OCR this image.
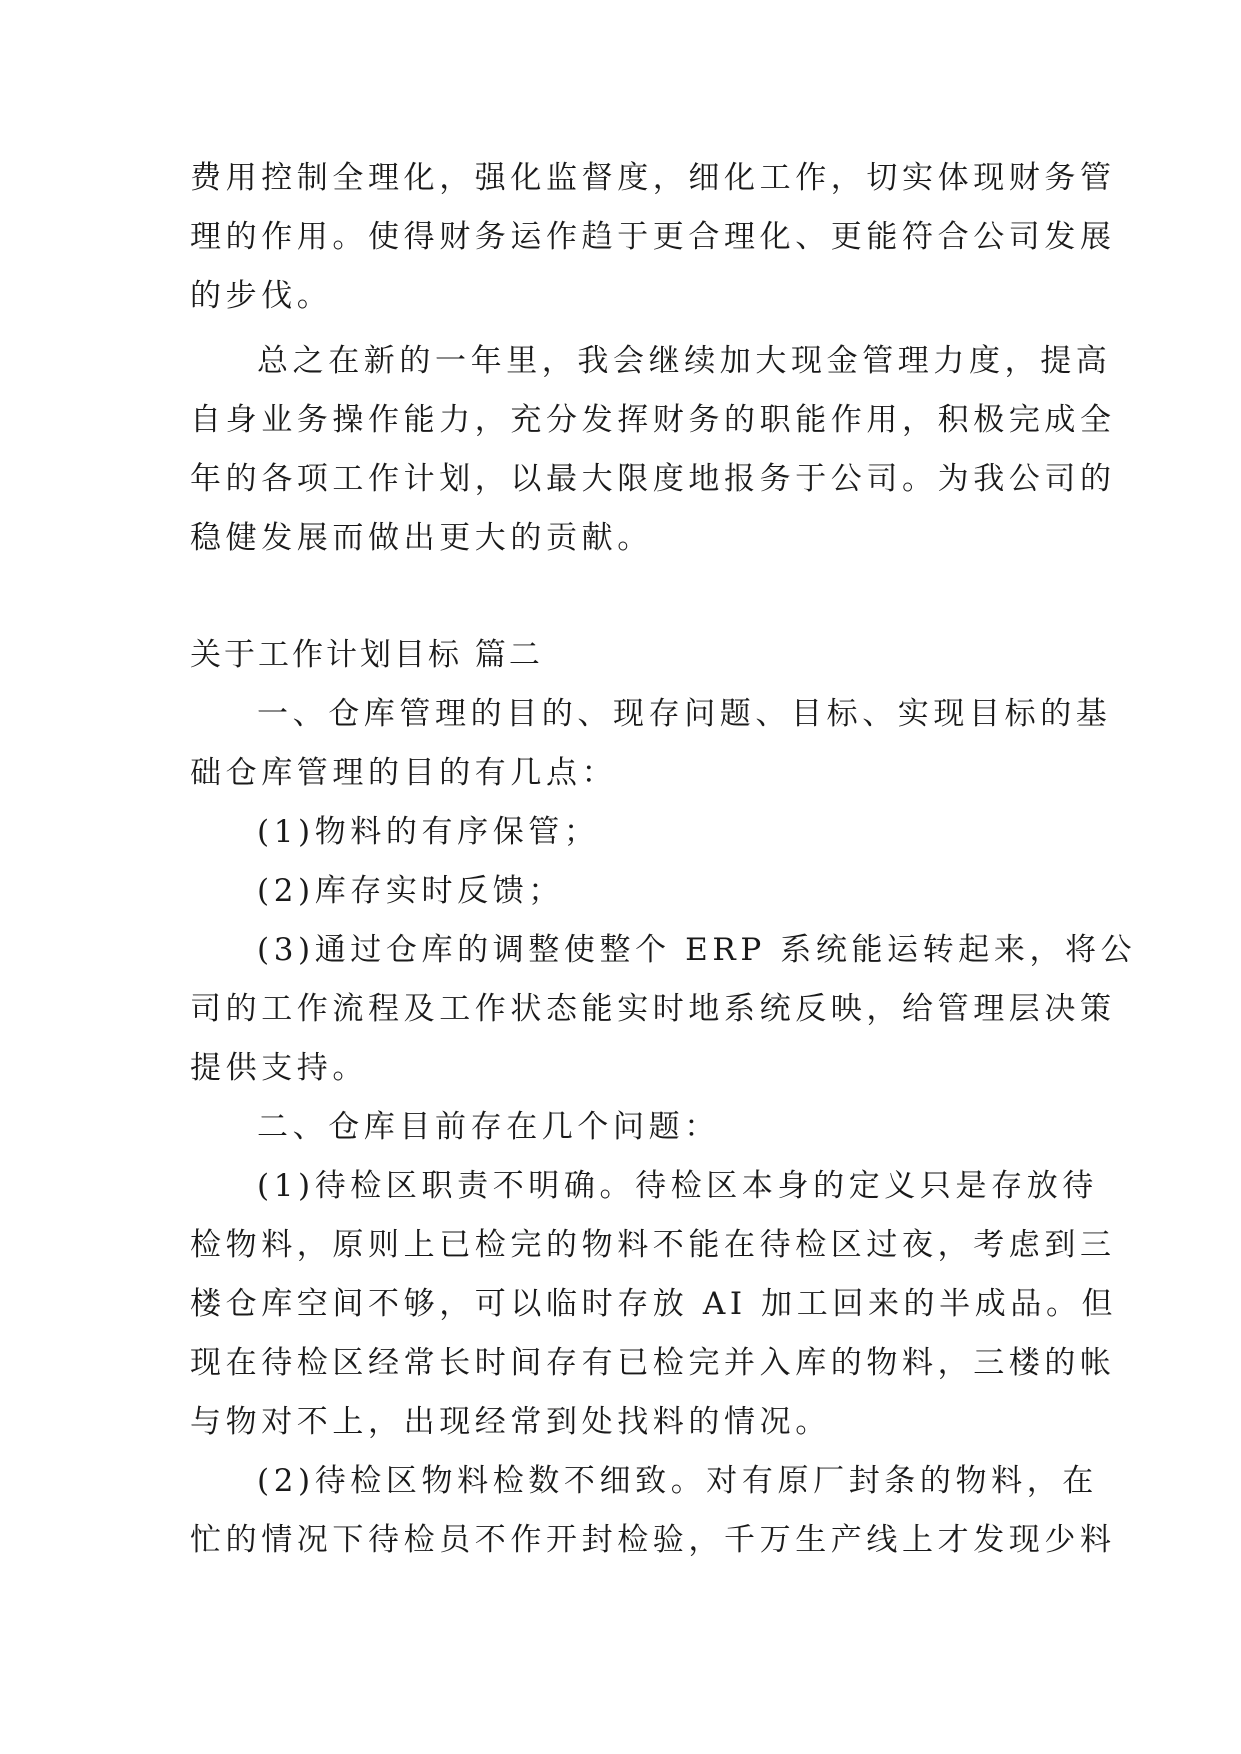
费用控制全理化，强化监督度，细化工作，切实体现财务管
理的作用。使得财务运作趋于更合理化、更能符合公司发展
的步伐。
总之在新的一年里，我会继续加大现金管理力度，提高
自身业务操作能力，充分发挥财务的职能作用，积极完成全
年的各项工作计划，以最大限度地报务于公司。为我公司的
稳健发展而做出更大的贡献。
关于工作计划目标 篇二
一、仓库管理的目的、现存问题、目标、实现目标的基
础仓库管理的目的有几点：
(1)物料的有序保管；
(2)库存实时反馈；
(3)通过仓库的调整使整个 ERP 系统能运转起来，将公
司的工作流程及工作状态能实时地系统反映，给管理层决策
提供支持。
二、仓库目前存在几个问题：
(1)待检区职责不明确。待检区本身的定义只是存放待
检物料，原则上已检完的物料不能在待检区过夜，考虑到三
楼仓库空间不够，可以临时存放 AI 加工回来的半成品。但
现在待检区经常长时间存有已检完并入库的物料，三楼的帐
与物对不上，出现经常到处找料的情况。
(2)待检区物料检数不细致。对有原厂封条的物料，在
忙的情况下待检员不作开封检验，千万生产线上才发现少料
